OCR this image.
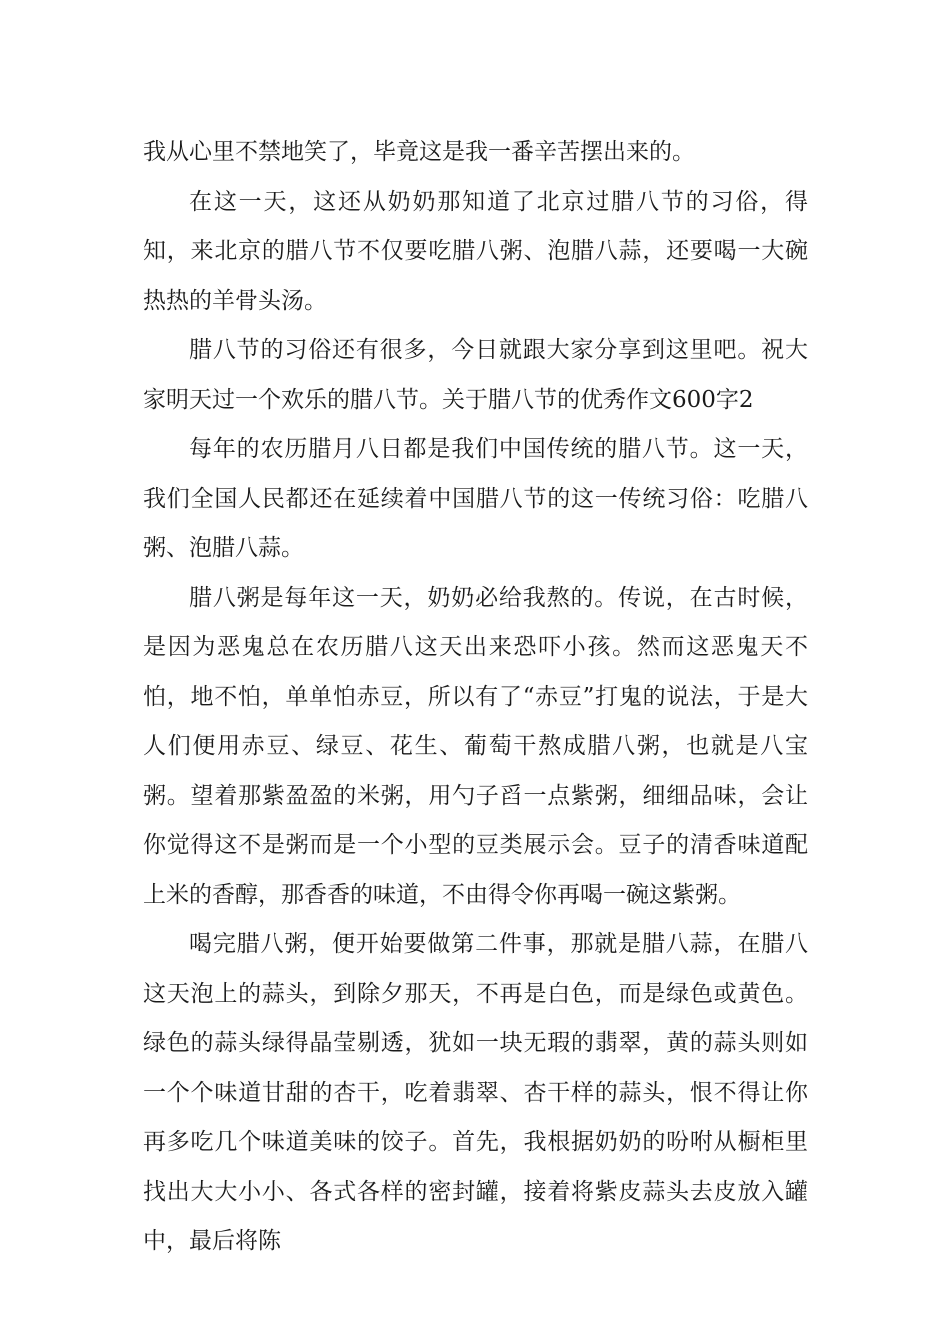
我从心里不禁地笑了，毕竟这是我一番辛苦摆出来的。

在这一天，这还从奶奶那知道了北京过腊八节的习俗，得知，来北京的腊八节不仅要吃腊八粥、泡腊八蒜，还要喝一大碗热热的羊骨头汤。

腊八节的习俗还有很多，今日就跟大家分享到这里吧。祝大家明天过一个欢乐的腊八节。关于腊八节的优秀作文600字2

每年的农历腊月八日都是我们中国传统的腊八节。这一天，我们全国人民都还在延续着中国腊八节的这一传统习俗：吃腊八粥、泡腊八蒜。

腊八粥是每年这一天，奶奶必给我熬的。传说，在古时候，是因为恶鬼总在农历腊八这天出来恐吓小孩。然而这恶鬼天不怕，地不怕，单单怕赤豆，所以有了“赤豆”打鬼的说法，于是大人们便用赤豆、绿豆、花生、葡萄干熬成腊八粥，也就是八宝粥。望着那紫盈盈的米粥，用勺子舀一点紫粥，细细品味，会让你觉得这不是粥而是一个小型的豆类展示会。豆子的清香味道配上米的香醇，那香香的味道，不由得令你再喝一碗这紫粥。

喝完腊八粥，便开始要做第二件事，那就是腊八蒜，在腊八这天泡上的蒜头，到除夕那天，不再是白色，而是绿色或黄色。绿色的蒜头绿得晶莹剔透，犹如一块无瑕的翡翠，黄的蒜头则如一个个味道甘甜的杏干，吃着翡翠、杏干样的蒜头，恨不得让你再多吃几个味道美味的饺子。首先，我根据奶奶的吩咐从橱柜里找出大大小小、各式各样的密封罐，接着将紫皮蒜头去皮放入罐中，最后将陈
